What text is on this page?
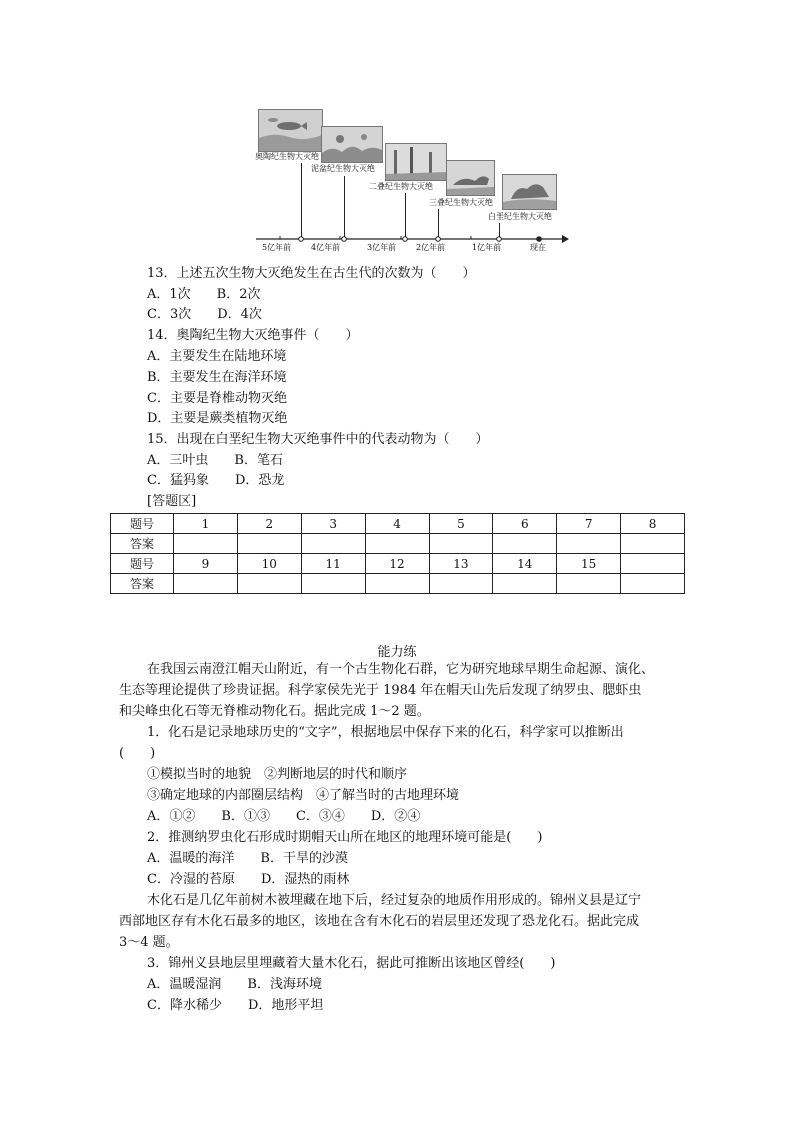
奥陶纪生物大灭绝
泥盆纪生物大灭绝
二叠纪生物大灭绝
三叠纪生物大灭绝
白垩纪生物大灭绝
5亿年前 4亿年前	3亿年前 2亿年前	1亿年前	现在
13．上述五次生物大灭绝发生在古生代的次数为（　　）
A．1次　　B．2次
C．3次　　D．4次
14．奥陶纪生物大灭绝事件（　　）
A．主要发生在陆地环境
B．主要发生在海洋环境
C．主要是脊椎动物灭绝
D．主要是蕨类植物灭绝
15．出现在白垩纪生物大灭绝事件中的代表动物为（　　）
A．三叶虫　　B．笔石
C．猛犸象　　D．恐龙
[答题区]
题号	1	2	3	4	5	6	7	8
答案								
题号	9	10	11	12	13	14	15	
答案								
能力练
在我国云南澄江帽天山附近，有一个古生物化石群，它为研究地球早期生命起源、演化、
生态等理论提供了珍贵证据。科学家侯先光于 1984 年在帽天山先后发现了纳罗虫、腮虾虫
和尖峰虫化石等无脊椎动物化石。据此完成 1～2 题。
1．化石是记录地球历史的“文字”，根据地层中保存下来的化石，科学家可以推断出
(　　)
①模拟当时的地貌　②判断地层的时代和顺序
③确定地球的内部圈层结构　④了解当时的古地理环境
A．①②　　B．①③　　C．③④　　D．②④
2．推测纳罗虫化石形成时期帽天山所在地区的地理环境可能是(　　)
A．温暖的海洋　　B．干旱的沙漠
C．冷湿的苔原　　D．湿热的雨林
木化石是几亿年前树木被埋藏在地下后，经过复杂的地质作用形成的。锦州义县是辽宁
西部地区存有木化石最多的地区，该地在含有木化石的岩层里还发现了恐龙化石。据此完成
3～4 题。
3．锦州义县地层里埋藏着大量木化石，据此可推断出该地区曾经(　　)
A．温暖湿润　　B．浅海环境
C．降水稀少　　D．地形平坦
